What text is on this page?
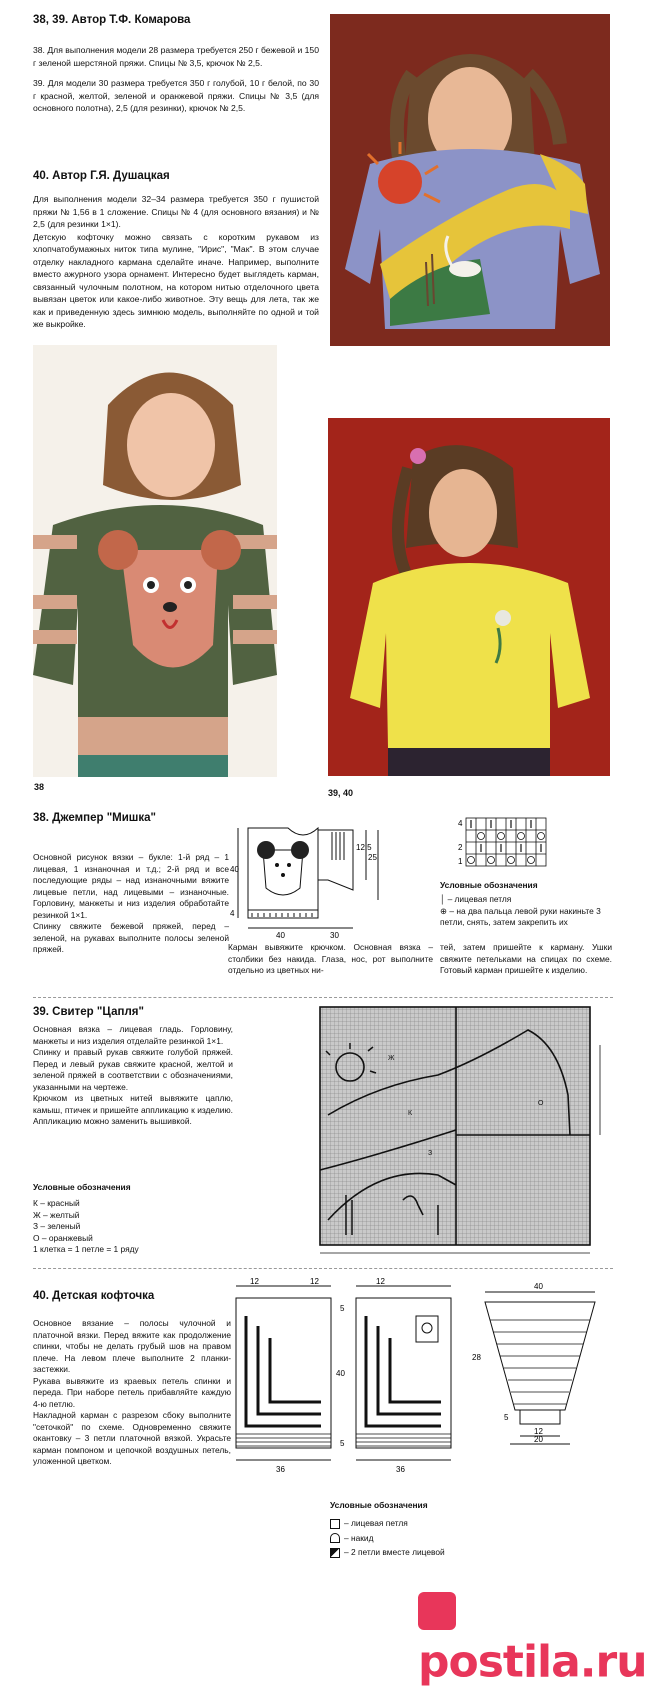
38, 39. Автор Т.Ф. Комарова

38. Для выполнения модели 28 размера требуется 250 г бежевой и 150 г зеленой шерстяной пряжи. Спицы № 3,5, крючок № 2,5.

39. Для модели 30 размера требуется 350 г голубой, 10 г белой, по 30 г красной, желтой, зеленой и оранжевой пряжи. Спицы № 3,5 (для основного полотна), 2,5 (для резинки), крючок № 2,5.

40. Автор Г.Я. Душацкая

Для выполнения модели 32–34 размера требуется 350 г пушистой пряжи № 1,56 в 1 сложение. Спицы № 4 (для основного вязания) и № 2,5 (для резинки 1×1).

Детскую кофточку можно связать с коротким рукавом из хлопчатобумажных ниток типа мулине, "Ирис", "Мак". В этом случае отделку накладного кармана сделайте иначе. Например, выполните вместо ажурного узора орнамент. Интересно будет выглядеть карман, связанный чулочным полотном, на котором нитью отделочного цвета вывязан цветок или какое-либо животное. Эту вещь для лета, так же как и приведенную здесь зимнюю модель, выполняйте по одной и той же выкройке.

38
39, 40
38. Джемпер "Мишка"
Основной рисунок вязки – букле: 1-й ряд – 1 лицевая, 1 изнаночная и т.д.; 2-й ряд и все последующие ряды – над изнаночными вяжите лицевые петли, над лицевыми – изнаночные. Горловину, манжеты и низ изделия обработайте резинкой 1×1.
Спинку свяжите бежевой пряжей, перед – зеленой, на рукавах выполните полосы зеленой пряжей.
40
4
40	30
25
12,5
4
2
1
Условные обозначения
│ – лицевая петля
⊕ – на два пальца левой руки накиньте 3 петли, снять, затем закрепить их
Карман вывяжите крючком. Основная вязка – столбики без накида. Глаза, нос, рот выполните отдельно из цветных ни-
тей, затем пришейте к карману. Ушки свяжите петельками на спицах по схеме. Готовый карман пришейте к изделию.
39. Свитер "Цапля"
Основная вязка – лицевая гладь. Горловину, манжеты и низ изделия отделайте резинкой 1×1.
Спинку и правый рукав свяжите голубой пряжей. Перед и левый рукав свяжите красной, желтой и зеленой пряжей в соответствии с обозначениями, указанными на чертеже.
Крючком из цветных нитей вывяжите цаплю, камыш, птичек и пришейте аппликацию к изделию. Аппликацию можно заменить вышивкой.
Условные обозначения
К – красный
Ж – желтый
З – зеленый
О – оранжевый
1 клетка = 1 петле = 1 ряду
Ж
К
З
О
40. Детская кофточка
Основное вязание – полосы чулочной и платочной вязки. Перед вяжите как продолжение спинки, чтобы не делать грубый шов на правом плече. На левом плече выполните 2 планки-застежки.
Рукава вывяжите из краевых петель спинки и переда. При наборе петель прибавляйте каждую 4-ю петлю.
Накладной карман с разрезом сбоку выполните "сеточкой" по схеме. Одновременно свяжите окантовку – 3 петли платочной вязкой. Украсьте карман помпоном и цепочкой воздушных петель, уложенной цветком.
12	12	12
5
40
5
36	36
40
28
5
12
20
Условные обозначения
– лицевая петля
– накид
– 2 петли вместе лицевой
postila.ru
